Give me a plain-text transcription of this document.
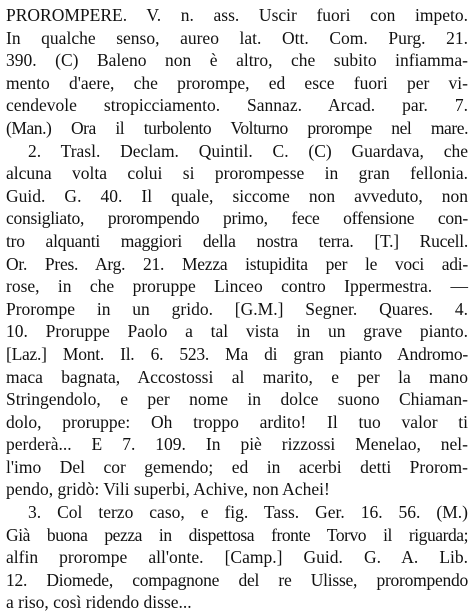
PROROMPERE. V. n. ass. Uscir fuori con impeto.
In qualche senso, aureo lat. Ott. Com. Purg. 21.
390. (C) Baleno non è altro, che subito infiamma-
mento d'aere, che prorompe, ed esce fuori per vi-
cendevole stropicciamento. Sannaz. Arcad. par. 7.
(Man.) Ora il turbolento Volturno prorompe nel mare.
2. Trasl. Declam. Quintil. C. (C) Guardava, che
alcuna volta colui si prorompesse in gran fellonia.
Guid. G. 40. Il quale, siccome non avveduto, non
consigliato, prorompendo primo, fece offensione con-
tro alquanti maggiori della nostra terra. [T.] Rucell.
Or. Pres. Arg. 21. Mezza istupidita per le voci adi-
rose, in che proruppe Linceo contro Ippermestra. —
Prorompe in un grido. [G.M.] Segner. Quares. 4.
10. Proruppe Paolo a tal vista in un grave pianto.
[Laz.] Mont. Il. 6. 523. Ma di gran pianto Andromo-
maca bagnata, Accostossi al marito, e per la mano
Stringendolo, e per nome in dolce suono Chiaman-
dolo, proruppe: Oh troppo ardito! Il tuo valor ti
perderà... E 7. 109. In piè rizzossi Menelao, nel-
l'imo Del cor gemendo; ed in acerbi detti Prorom-
pendo, gridò: Vili superbi, Achive, non Achei!
3. Col terzo caso, e fig. Tass. Ger. 16. 56. (M.)
Già buona pezza in dispettosa fronte Torvo il riguarda;
alfin prorompe all'onte. [Camp.] Guid. G. A. Lib.
12. Diomede, compagnone del re Ulisse, prorompendo
a riso, così ridendo disse...
